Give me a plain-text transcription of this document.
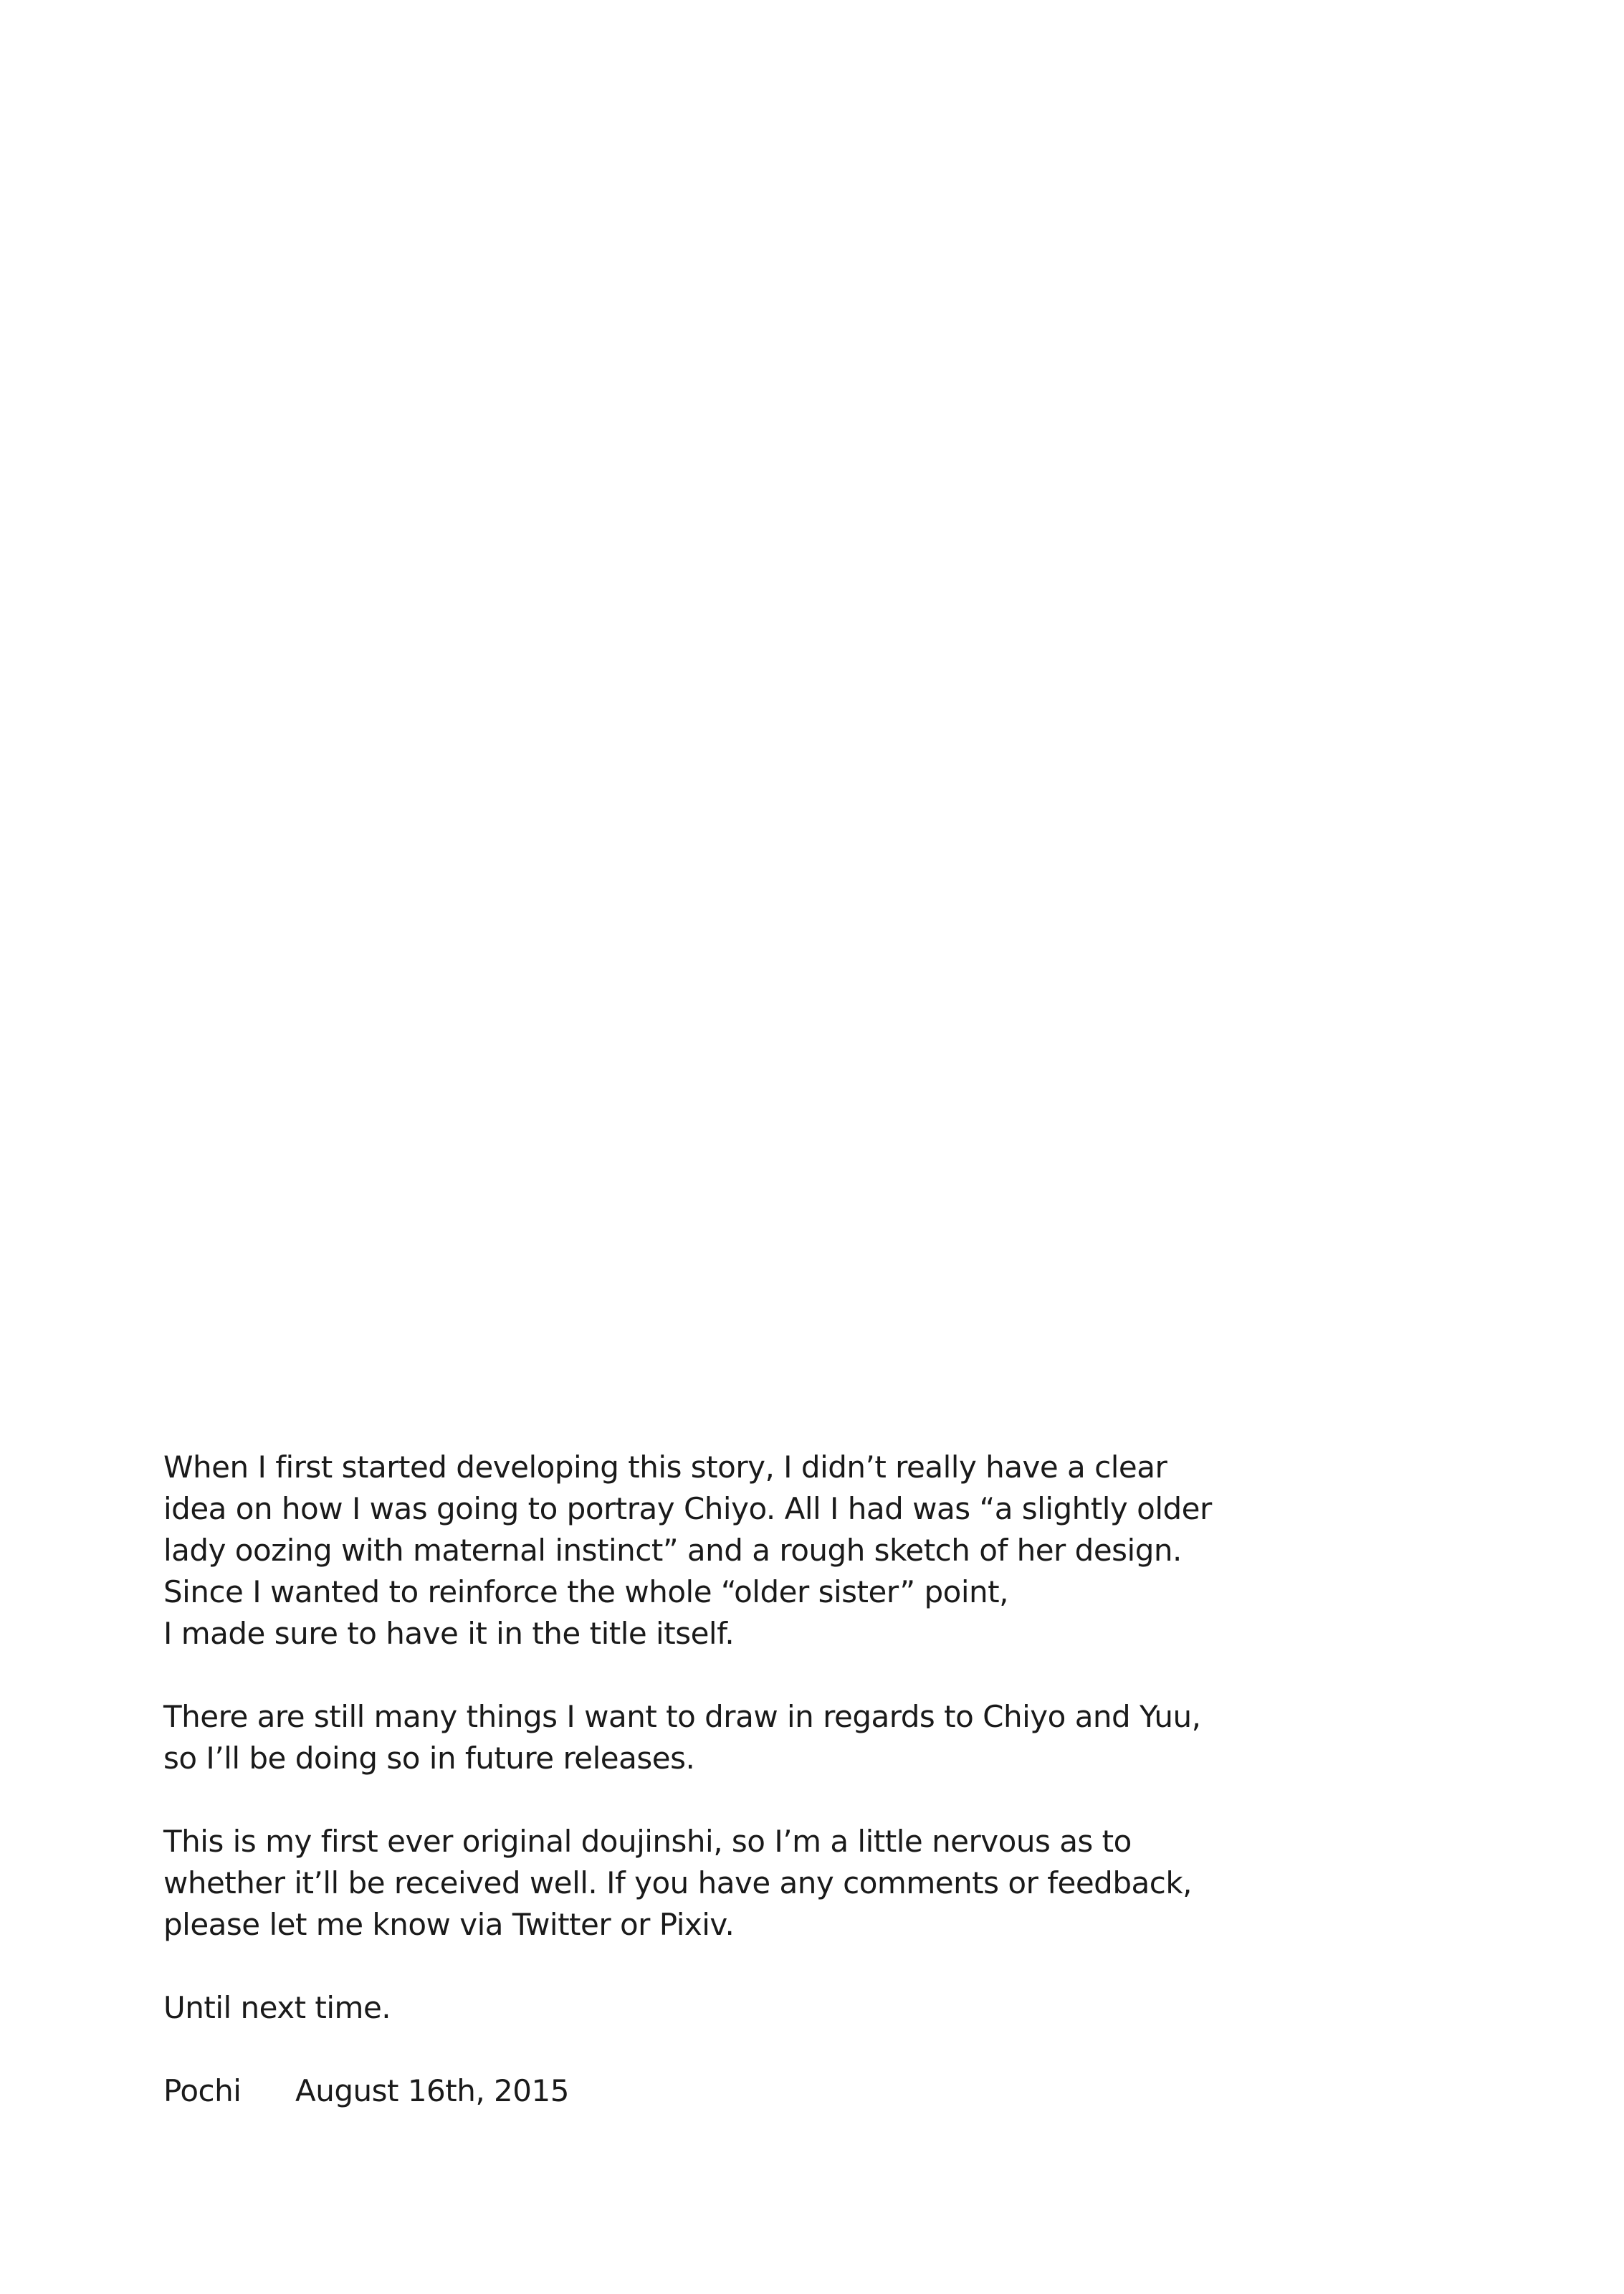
When I first started developing this story, I didn’t really have a clear
idea on how I was going to portray Chiyo. All I had was “a slightly older
lady oozing with maternal instinct” and a rough sketch of her design.
Since I wanted to reinforce the whole “older sister” point,
I made sure to have it in the title itself.
There are still many things I want to draw in regards to Chiyo and Yuu,
so I’ll be doing so in future releases.
This is my first ever original doujinshi, so I’m a little nervous as to
whether it’ll be received well. If you have any comments or feedback,
please let me know via Twitter or Pixiv.
Until next time.
Pochi August 16th, 2015
